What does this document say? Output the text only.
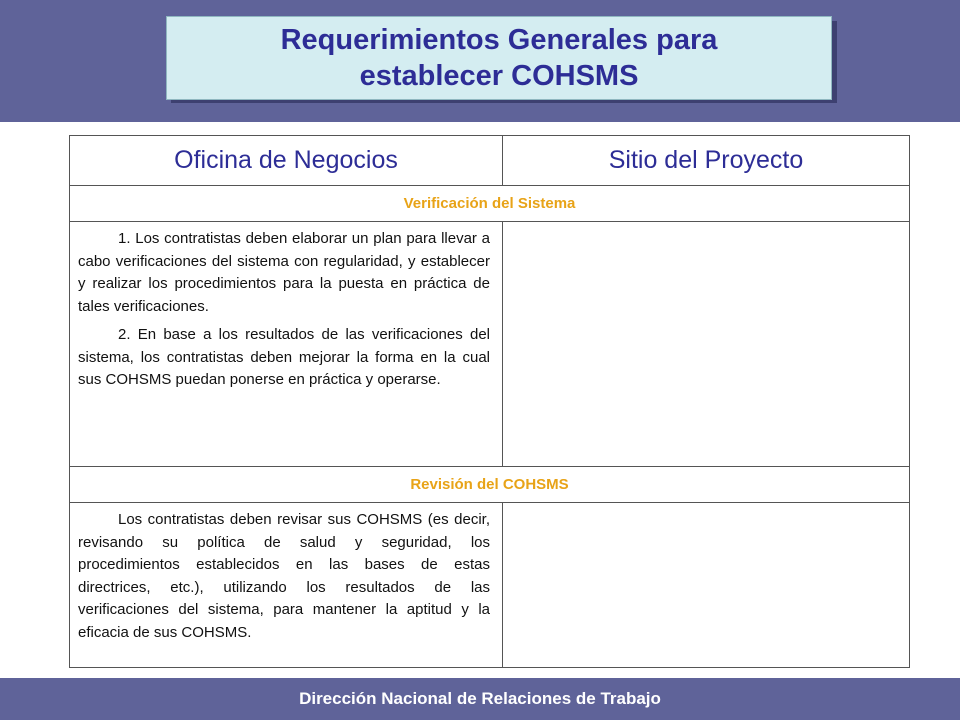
Requerimientos Generales para
establecer COHSMS
Oficina de Negocios	Sitio del Proyecto
Verificación del Sistema	

1. Los contratistas deben elaborar un plan para llevar a cabo verificaciones del sistema con regularidad, y establecer y realizar los procedimientos para la puesta en práctica de tales verificaciones.

2. En base a los resultados de las verificaciones del sistema, los contratistas deben mejorar la forma en la cual sus COHSMS puedan ponerse en práctica y operarse.	

Revisión del COHSMS	

Los contratistas deben revisar sus COHSMS (es decir, revisando su política de salud y seguridad, los procedimientos establecidos en las bases de estas directrices, etc.), utilizando los resultados de las verificaciones del sistema, para mantener la aptitud y la eficacia de sus COHSMS.	

Dirección Nacional de Relaciones de Trabajo
